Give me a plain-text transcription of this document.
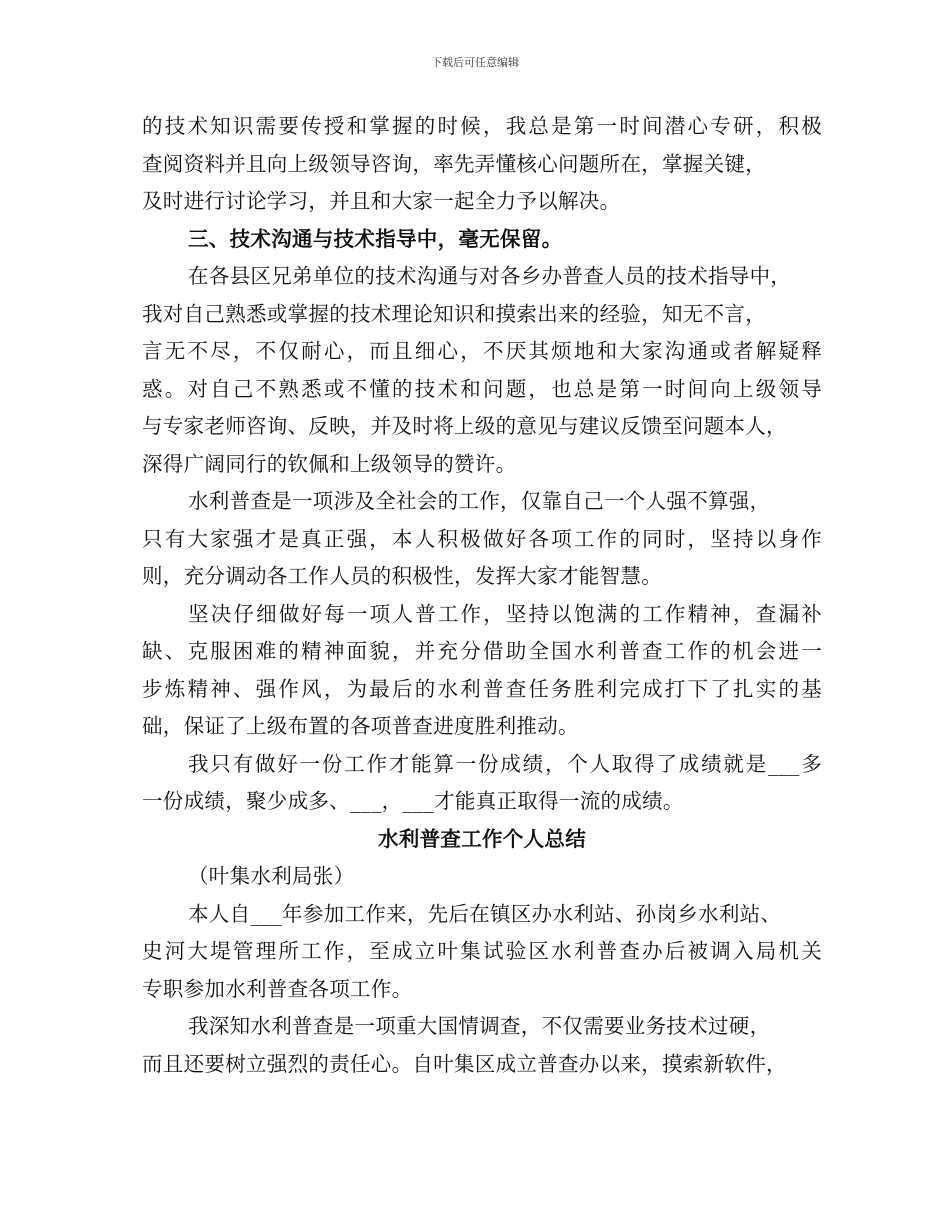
下载后可任意编辑
的技术知识需要传授和掌握的时候，我总是第一时间潜心专研，积极
查阅资料并且向上级领导咨询，率先弄懂核心问题所在，掌握关键，
及时进行讨论学习，并且和大家一起全力予以解决。
三、技术沟通与技术指导中，毫无保留。
在各县区兄弟单位的技术沟通与对各乡办普查人员的技术指导中，
我对自己熟悉或掌握的技术理论知识和摸索出来的经验，知无不言，
言无不尽，不仅耐心，而且细心，不厌其烦地和大家沟通或者解疑释
惑。对自己不熟悉或不懂的技术和问题，也总是第一时间向上级领导
与专家老师咨询、反映，并及时将上级的意见与建议反馈至问题本人，
深得广阔同行的钦佩和上级领导的赞许。
水利普查是一项涉及全社会的工作，仅靠自己一个人强不算强，
只有大家强才是真正强，本人积极做好各项工作的同时，坚持以身作
则，充分调动各工作人员的积极性，发挥大家才能智慧。
坚决仔细做好每一项人普工作，坚持以饱满的工作精神，查漏补
缺、克服困难的精神面貌，并充分借助全国水利普查工作的机会进一
步炼精神、强作风，为最后的水利普查任务胜利完成打下了扎实的基
础，保证了上级布置的各项普查进度胜利推动。
我只有做好一份工作才能算一份成绩，个人取得了成绩就是___多
一份成绩，聚少成多、___，___才能真正取得一流的成绩。
水利普查工作个人总结
（叶集水利局张）
本人自___年参加工作来，先后在镇区办水利站、孙岗乡水利站、
史河大堤管理所工作，至成立叶集试验区水利普查办后被调入局机关
专职参加水利普查各项工作。
我深知水利普查是一项重大国情调查，不仅需要业务技术过硬，
而且还要树立强烈的责任心。自叶集区成立普查办以来，摸索新软件，
